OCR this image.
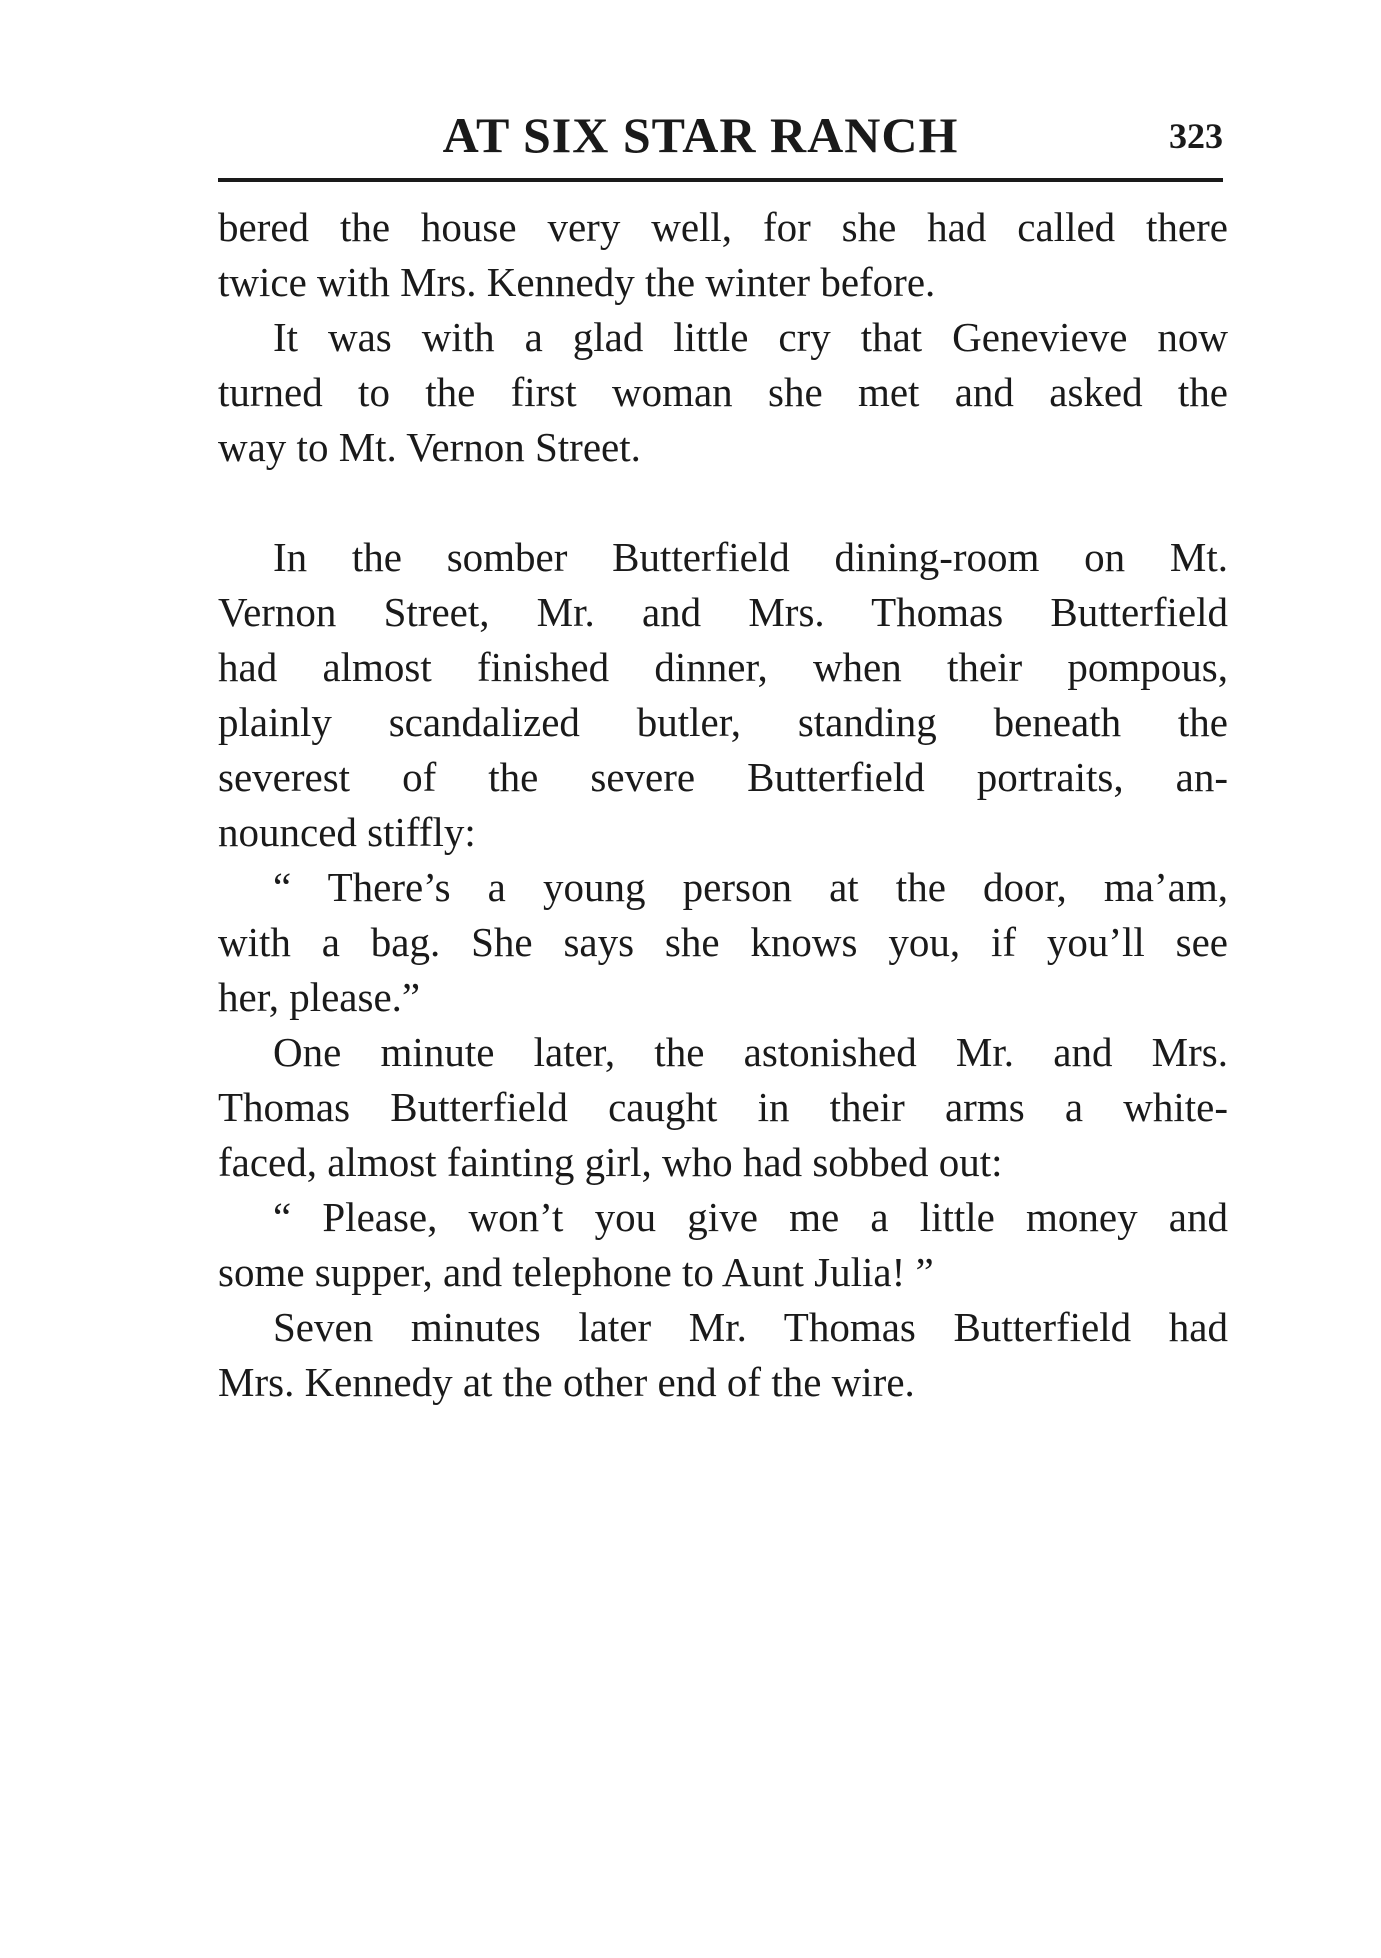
AT SIX STAR RANCH	323
bered the house very well, for she had called there
twice with Mrs. Kennedy the winter before.
It was with a glad little cry that Genevieve now
turned to the first woman she met and asked the
way to Mt. Vernon Street.
In the somber Butterfield dining-room on Mt.
Vernon Street, Mr. and Mrs. Thomas Butterfield
had almost finished dinner, when their pompous,
plainly scandalized butler, standing beneath the
severest of the severe Butterfield portraits, an-
nounced stiffly:
“ There’s a young person at the door, ma’am,
with a bag. She says she knows you, if you’ll see
her, please.”
One minute later, the astonished Mr. and Mrs.
Thomas Butterfield caught in their arms a white-
faced, almost fainting girl, who had sobbed out:
“ Please, won’t you give me a little money and
some supper, and telephone to Aunt Julia! ”
Seven minutes later Mr. Thomas Butterfield had
Mrs. Kennedy at the other end of the wire.
